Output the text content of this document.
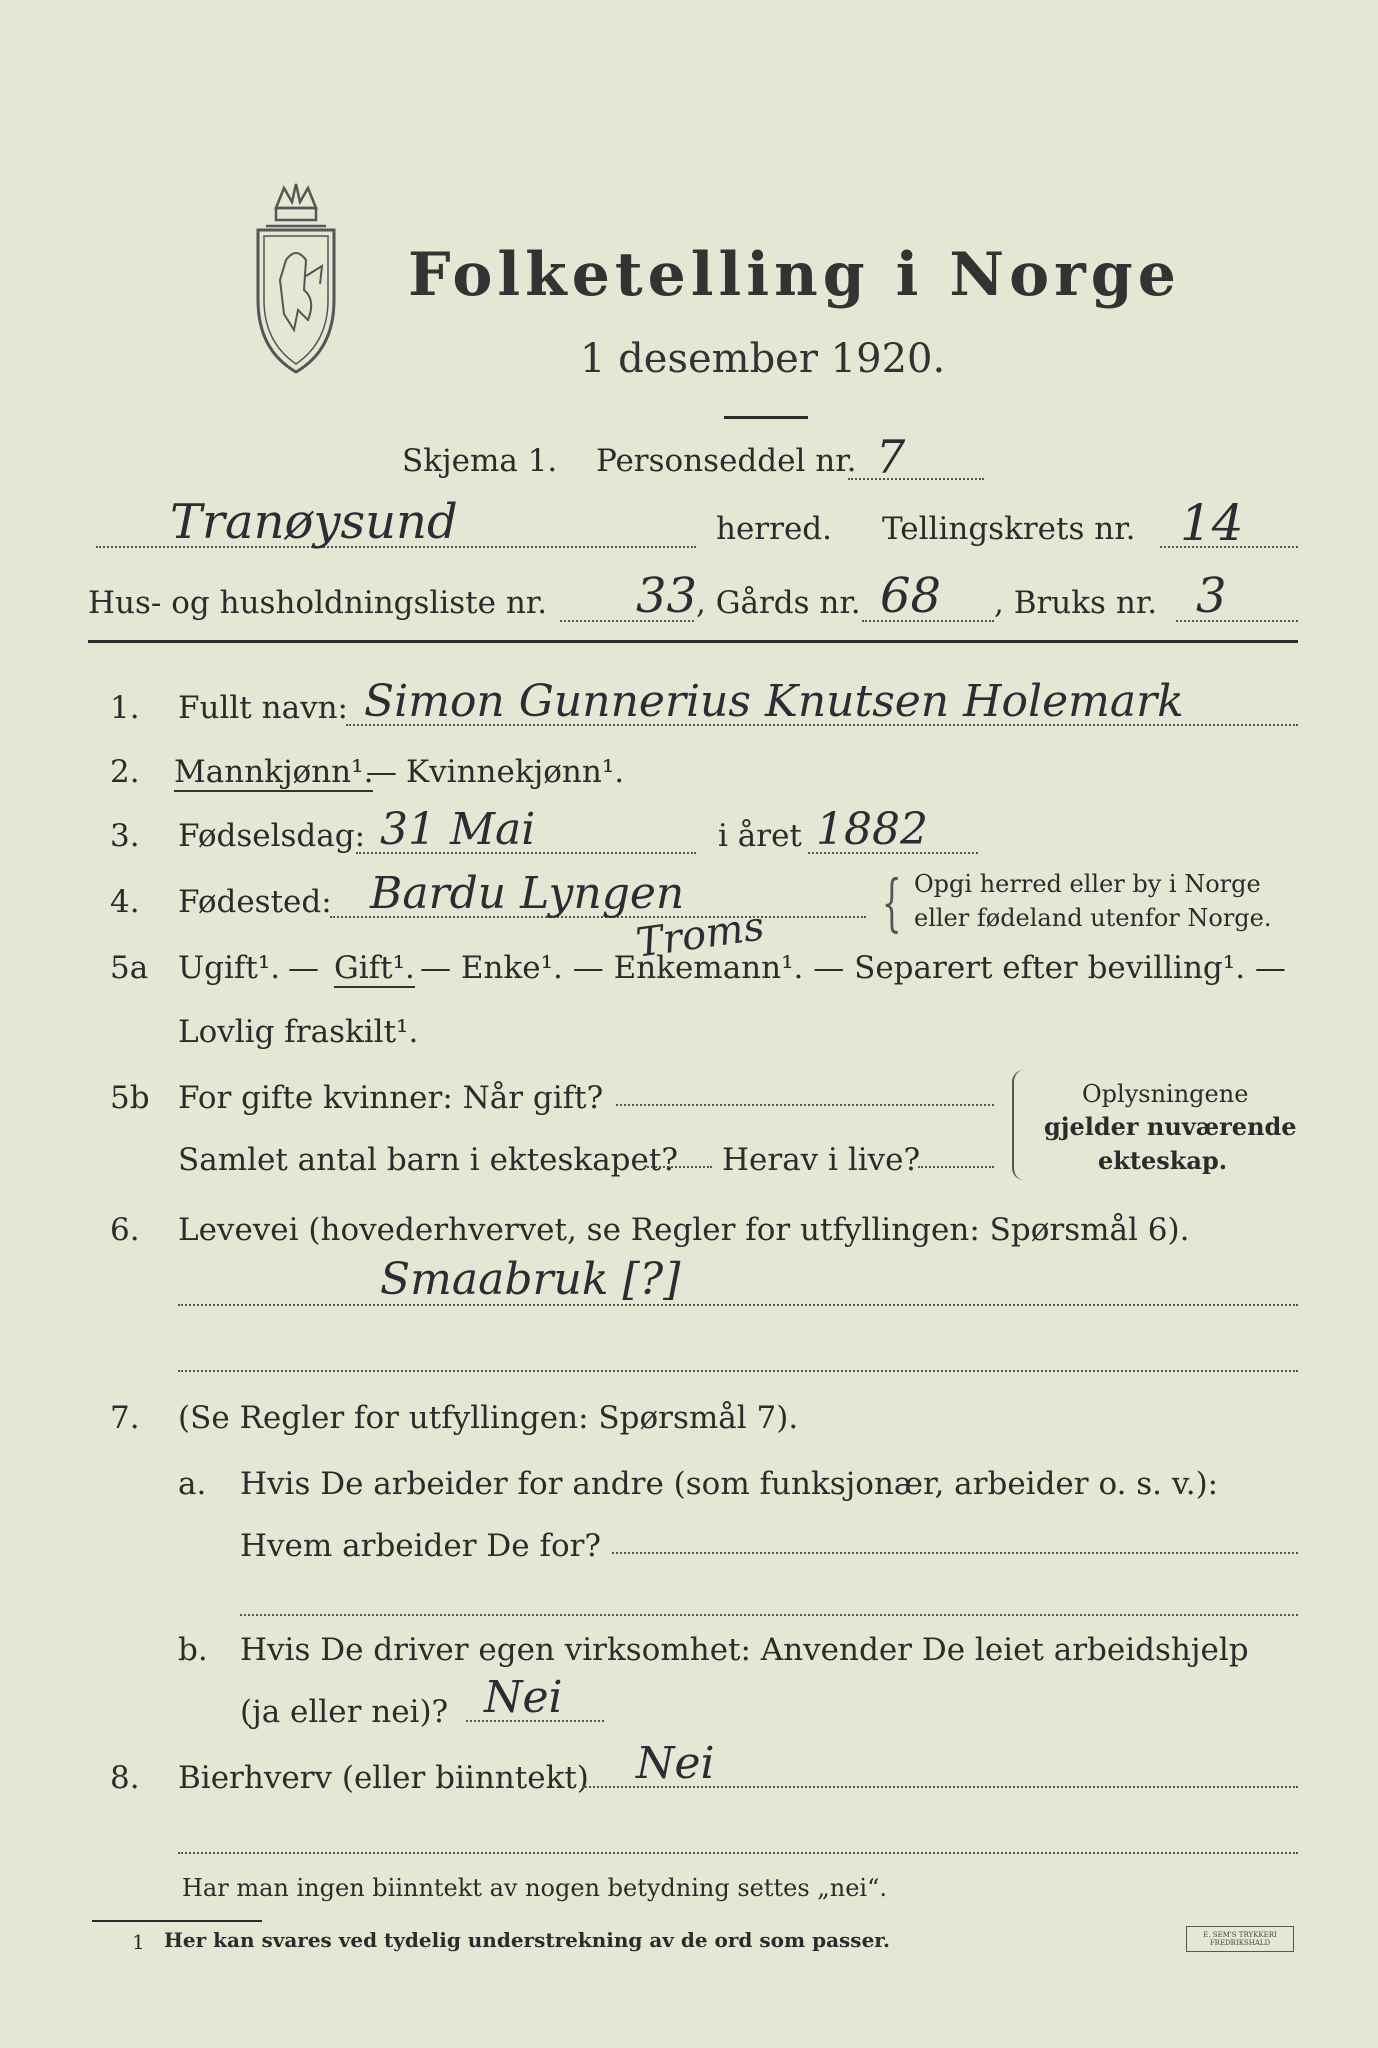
Folketelling i Norge
1 desember 1920.
Skjema 1. Personseddel nr. 7
Tranøysund	herred. Tellingskrets nr. 14
Hus- og husholdningsliste nr. 33
, Gårds nr. 68 , Bruks nr. 3
1. Fullt navn: Simon Gunnerius Knutsen Holemark
2. Mannkjønn¹.
— Kvinnekjønn¹.
3. Fødselsdag: 31 Mai	i året 1882
4. Fødested: Bardu Lyngen
Troms { Opgi herred eller by i Norge
eller fødeland utenfor Norge.
5a Ugift¹. — Gift¹. — Enke¹. — Enkemann¹. — Separert efter bevilling¹. —
Lovlig fraskilt¹.
5b For gifte kvinner: Når gift?
Samlet antal barn i ekteskapet? Herav i live?
Oplysningene
gjelder nuværende
ekteskap.
6. Levevei (hovederhvervet, se Regler for utfyllingen: Spørsmål 6).
Smaabruk [?]
7. (Se Regler for utfyllingen: Spørsmål 7).
a. Hvis De arbeider for andre (som funksjonær, arbeider o. s. v.):
Hvem arbeider De for?
b. Hvis De driver egen virksomhet: Anvender De leiet arbeidshjelp
(ja eller nei)? Nei
8. Bierhverv (eller biinntekt) Nei
Har man ingen biinntekt av nogen betydning settes „nei“.
1 Her kan svares ved tydelig understrekning av de ord som passer.	E. SEM'S TRYKKERI FREDRIKSHALD
